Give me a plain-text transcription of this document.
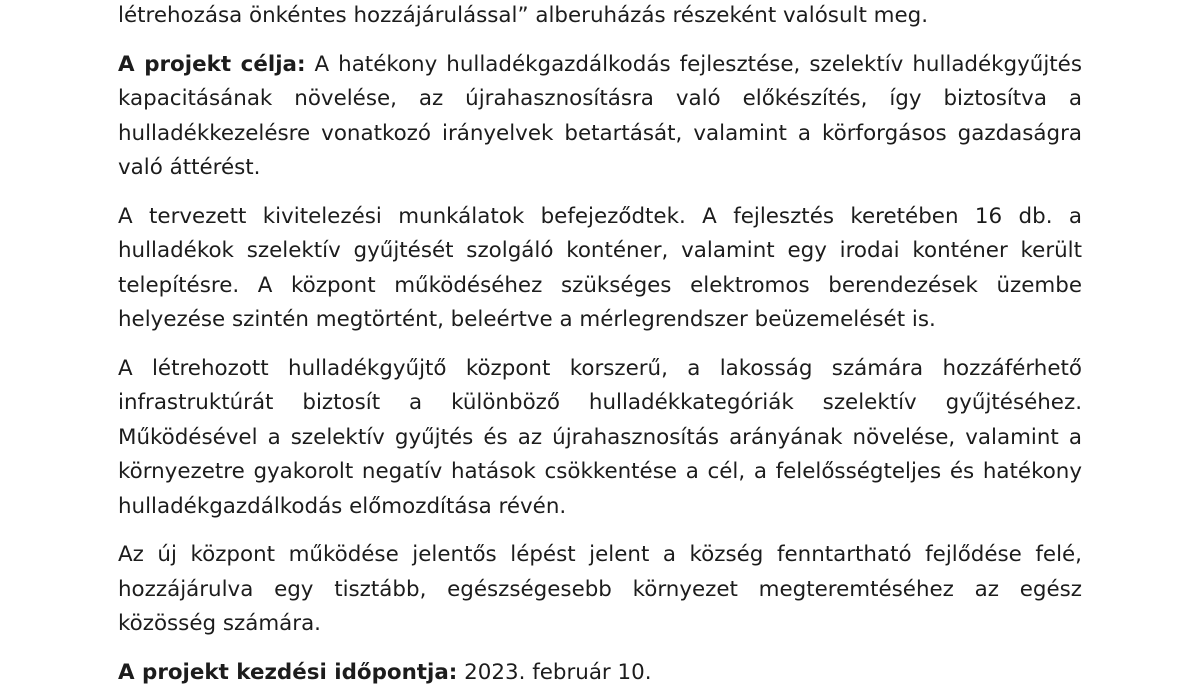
létrehozása önkéntes hozzájárulással” alberuházás részeként valósult meg.

A projekt célja: A hatékony hulladékgazdálkodás fejlesztése, szelektív hulladékgyűjtés kapacitásának növelése, az újrahasznosításra való előkészítés, így biztosítva a hulladékkezelésre vonatkozó irányelvek betartását, valamint a körforgásos gazdaságra való áttérést.

A tervezett kivitelezési munkálatok befejeződtek. A fejlesztés keretében 16 db. a hulladékok szelektív gyűjtését szolgáló konténer, valamint egy irodai konténer került telepítésre. A központ működéséhez szükséges elektromos berendezések üzembe helyezése szintén megtörtént, beleértve a mérlegrendszer beüzemelését is.

A létrehozott hulladékgyűjtő központ korszerű, a lakosság számára hozzáférhető infrastruktúrát biztosít a különböző hulladékkategóriák szelektív gyűjtéséhez. Működésével a szelektív gyűjtés és az újrahasznosítás arányának növelése, valamint a környezetre gyakorolt negatív hatások csökkentése a cél, a felelősségteljes és hatékony hulladékgazdálkodás előmozdítása révén.

Az új központ működése jelentős lépést jelent a község fenntartható fejlődése felé, hozzájárulva egy tisztább, egészségesebb környezet megteremtéséhez az egész közösség számára.

A projekt kezdési időpontja: 2023. február 10.
